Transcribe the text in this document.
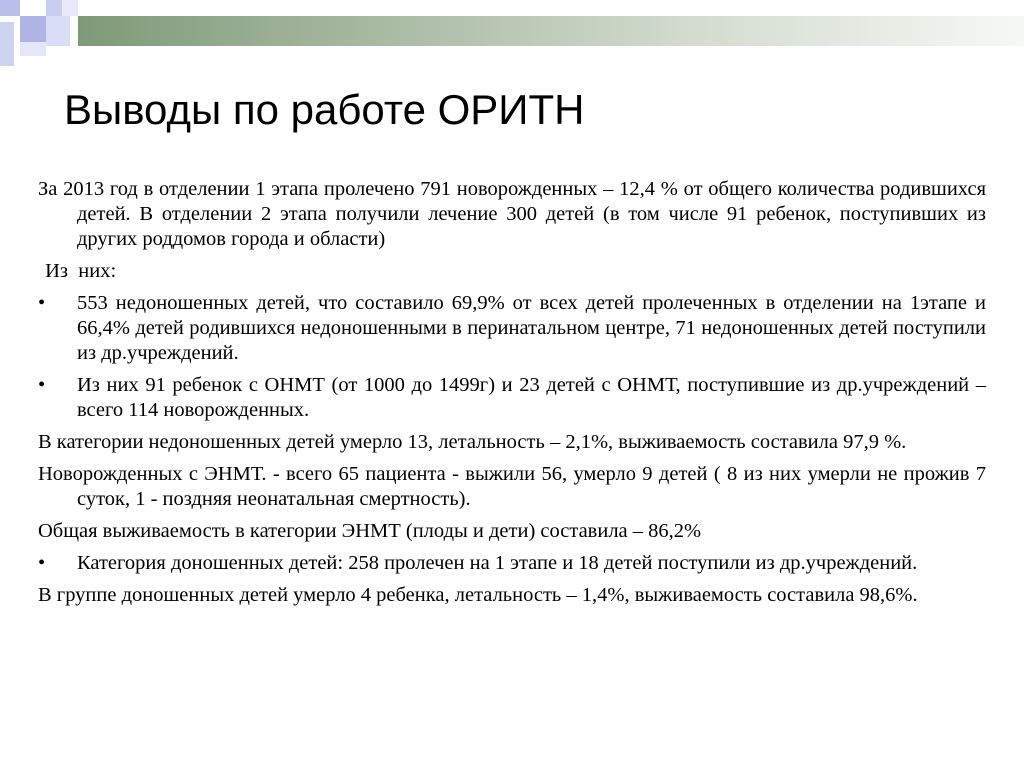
Выводы по работе ОРИТН

За 2013 год в отделении 1 этапа пролечено 791 новорожденных – 12,4 % от общего количества родившихся детей. В отделении 2 этапа получили лечение 300 детей (в том числе 91 ребенок, поступивших из других роддомов города и области)

Из  них:

• 553 недоношенных детей, что составило 69,9% от всех детей пролеченных в отделении на 1этапе и 66,4% детей родившихся недоношенными в перинатальном центре, 71 недоношенных детей поступили из др.учреждений.

• Из них 91 ребенок с ОНМТ (от 1000 до 1499г) и 23 детей с ОНМТ, поступившие из др.учреждений – всего 114 новорожденных.

В категории недоношенных детей умерло 13, летальность – 2,1%, выживаемость составила 97,9 %.

Новорожденных с ЭНМТ. - всего 65 пациента - выжили 56, умерло 9 детей ( 8 из них умерли не прожив 7 суток, 1 - поздняя неонатальная смертность).

Общая выживаемость в категории ЭНМТ (плоды и дети) составила – 86,2%

• Категория доношенных детей: 258 пролечен на 1 этапе и 18 детей поступили из др.учреждений.

В группе доношенных детей умерло 4 ребенка, летальность – 1,4%, выживаемость составила 98,6%.
